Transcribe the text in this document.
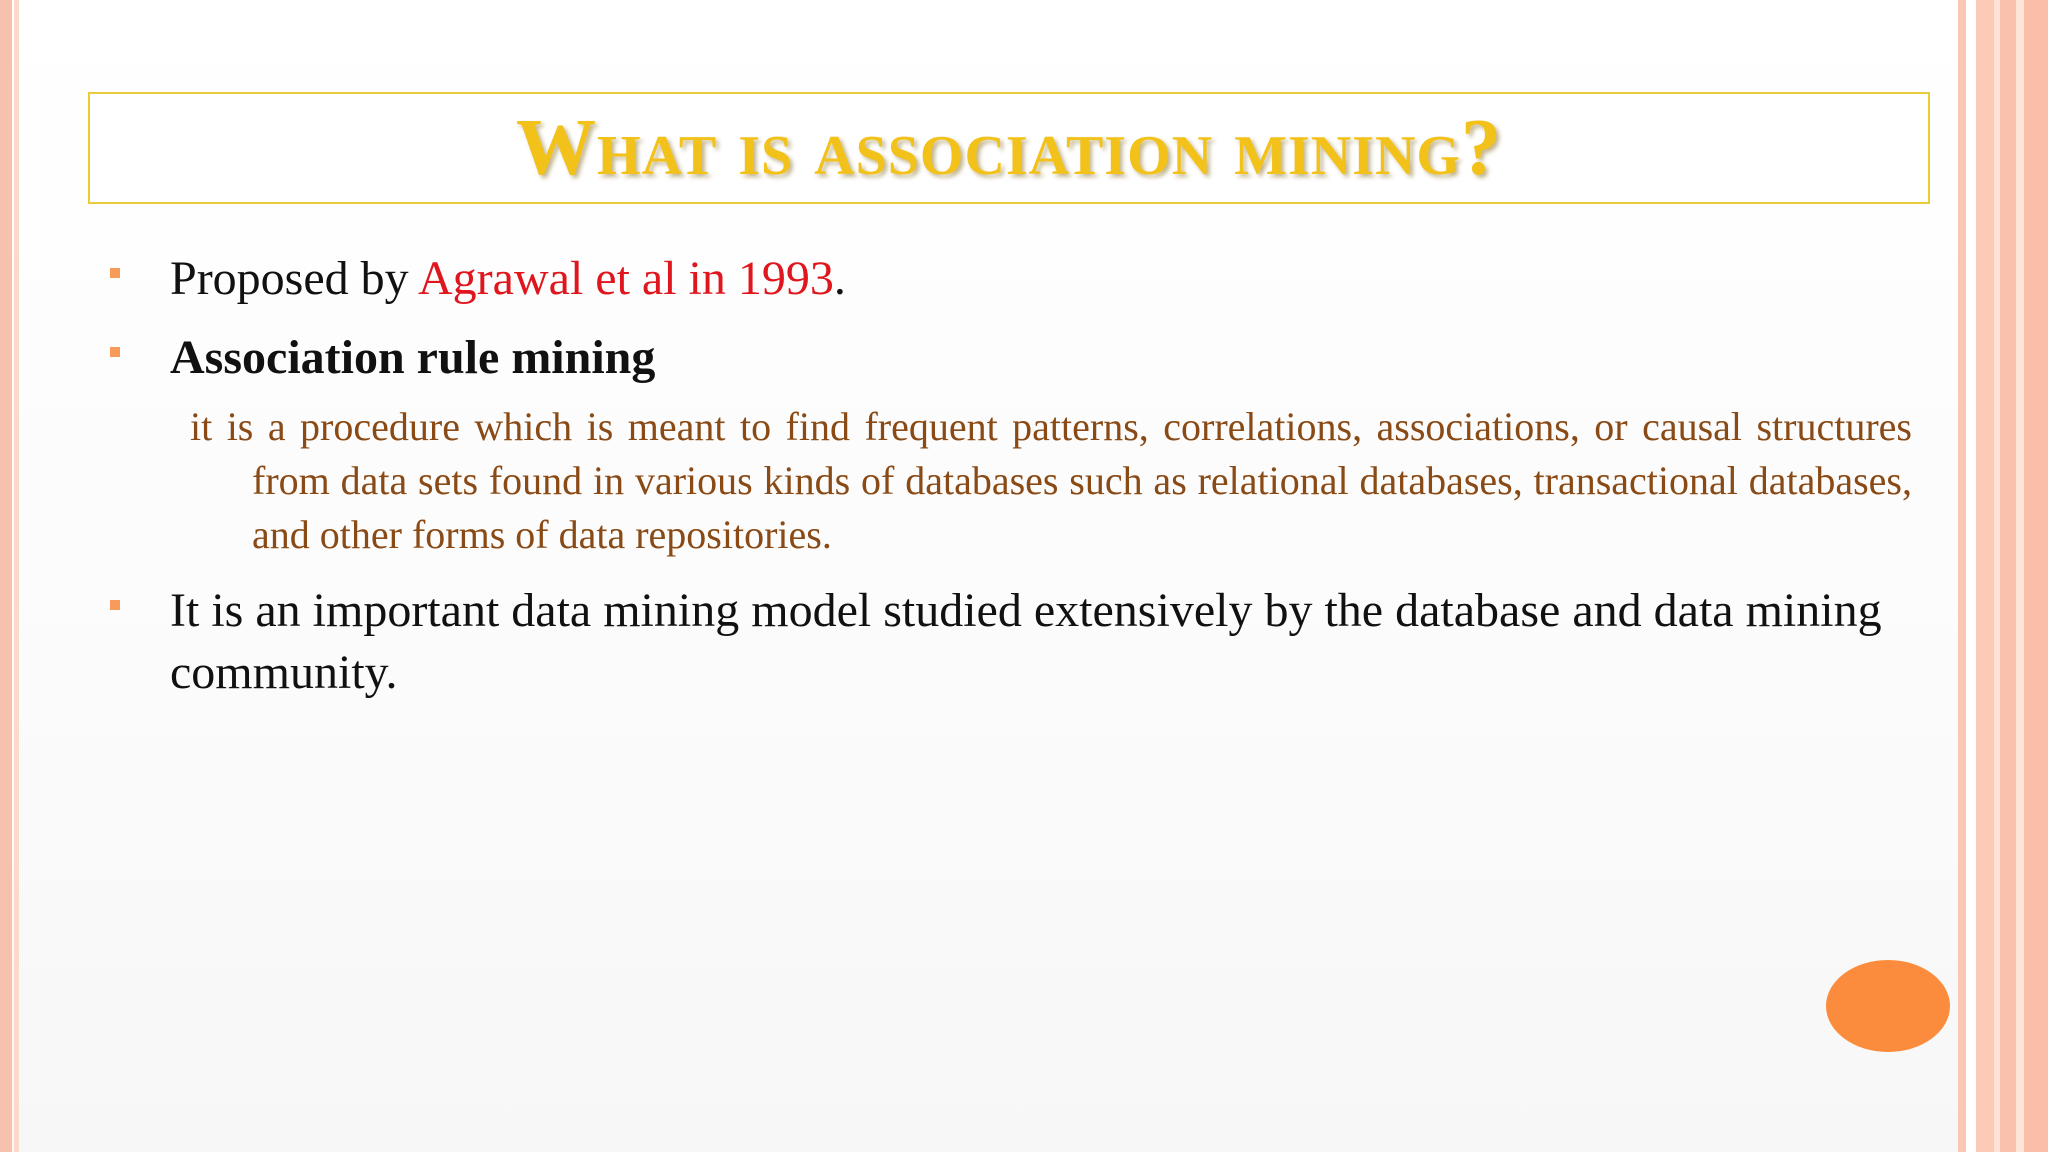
What is association mining?
Proposed by Agrawal et al in 1993.
Association rule mining
it is a procedure which is meant to find frequent patterns, correlations, associations, or causal structures from data sets found in various kinds of databases such as relational databases, transactional databases, and other forms of data repositories.
It is an important data mining model studied extensively by the database and data mining community.
